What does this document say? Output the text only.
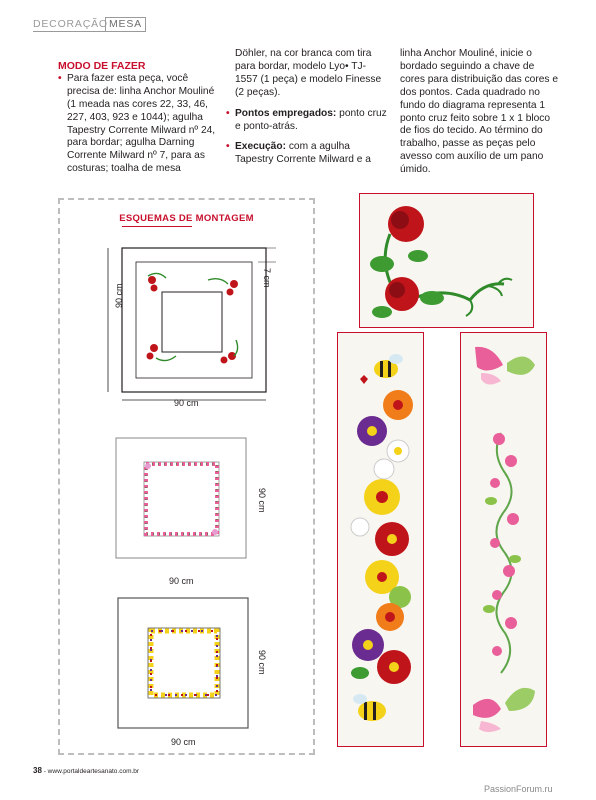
DECORAÇÃO MESA

MODO DE FAZER

• Para fazer esta peça, você precisa de: linha Anchor Mouliné (1 meada nas cores 22, 33, 46, 227, 403, 923 e 1044); agulha Tapestry Corrente Milward nº 24, para bordar; agulha Darning Corrente Milward nº 7, para as costuras; toalha de mesa

Döhler, na cor branca com tira para bordar, modelo Lyo• TJ-1557 (1 peça) e modelo Finesse (2 peças).

• Pontos empregados: ponto cruz e ponto-atrás.

• Execução: com a agulha Tapestry Corrente Milward e a

linha Anchor Mouliné, inicie o bordado seguindo a chave de cores para distribuição das cores e dos pontos. Cada quadrado no fundo do diagrama representa 1 ponto cruz feito sobre 1 x 1 bloco de fios do tecido. Ao término do trabalho, passe as peças pelo avesso com auxílio de um pano úmido.

ESQUEMAS DE MONTAGEM
90 cm
90 cm
7 cm
90 cm
90 cm
90 cm
90 cm
38 - www.portaldeartesanato.com.br
PassionForum.ru
